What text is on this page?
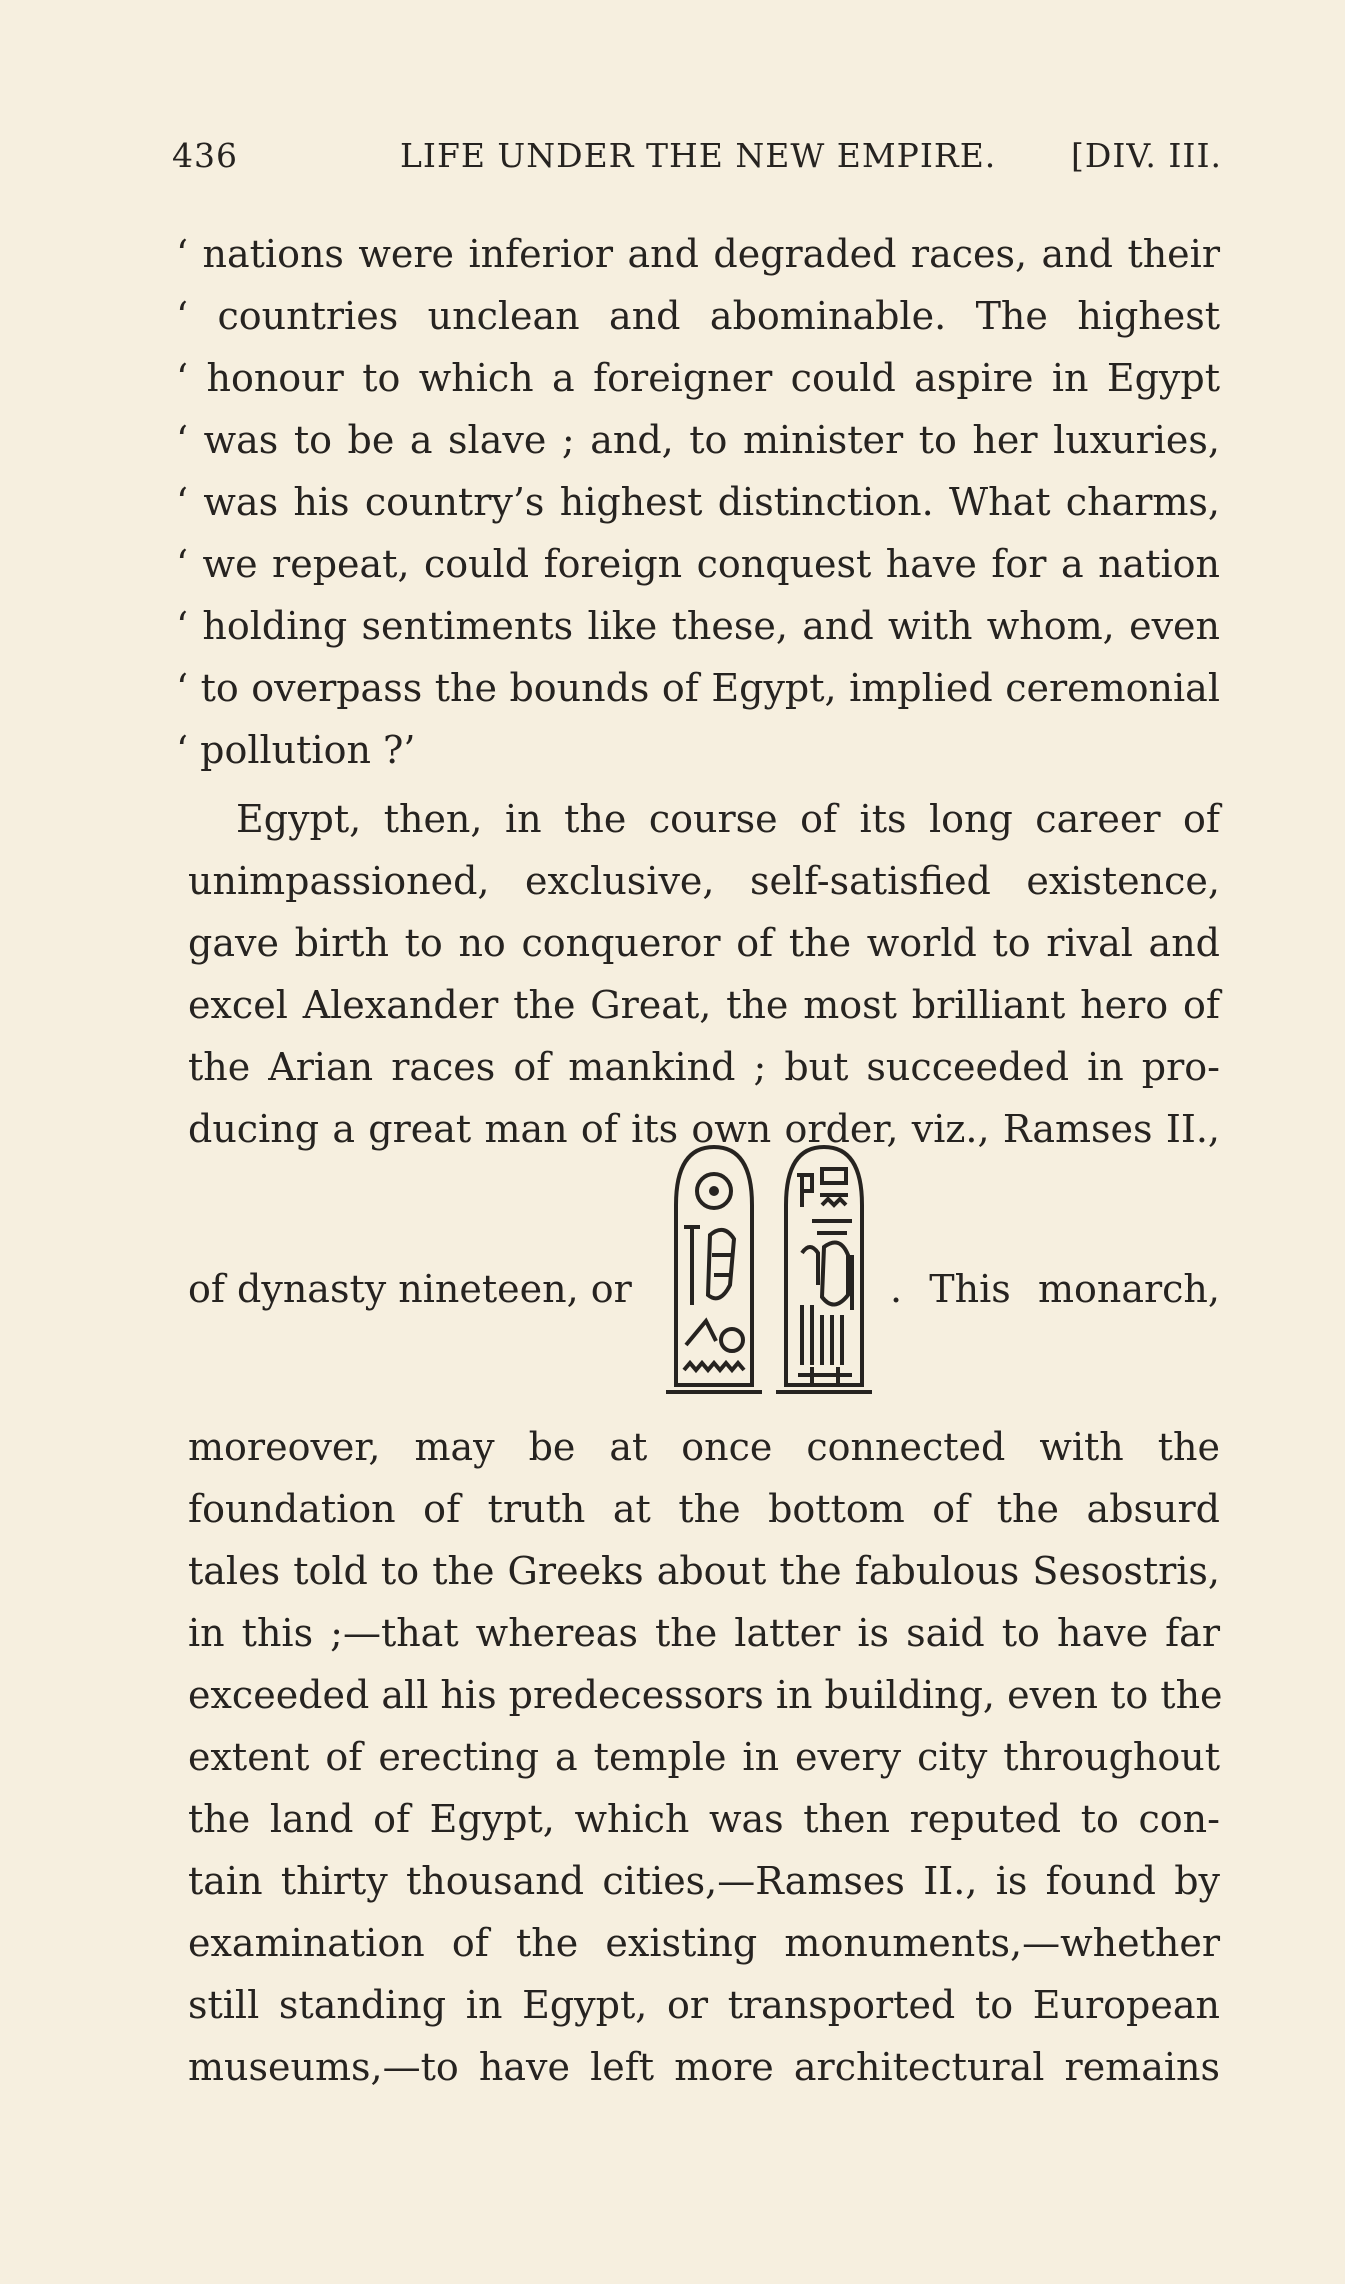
436	LIFE UNDER THE NEW EMPIRE. [DIV. III.
‘ nations were inferior and degraded races, and their
‘ countries unclean and abominable. The highest
‘ honour to which a foreigner could aspire in Egypt
‘ was to be a slave ; and, to minister to her luxuries,
‘ was his country’s highest distinction. What charms,
‘ we repeat, could foreign conquest have for a nation
‘ holding sentiments like these, and with whom, even
‘ to overpass the bounds of Egypt, implied ceremonial
‘ pollution ?’
Egypt, then, in the course of its long career of
unimpassioned, exclusive, self-satisfied existence,
gave birth to no conqueror of the world to rival and
excel Alexander the Great, the most brilliant hero of
the Arian races of mankind ; but succeeded in pro-
ducing a great man of its own order, viz., Ramses II.,
of dynasty nineteen, or	. This monarch,
moreover, may be at once connected with the
foundation of truth at the bottom of the absurd
tales told to the Greeks about the fabulous Sesostris,
in this ;—that whereas the latter is said to have far
exceeded all his predecessors in building, even to the
extent of erecting a temple in every city throughout
the land of Egypt, which was then reputed to con-
tain thirty thousand cities,—Ramses II., is found by
examination of the existing monuments,—whether
still standing in Egypt, or transported to European
museums,—to have left more architectural remains
